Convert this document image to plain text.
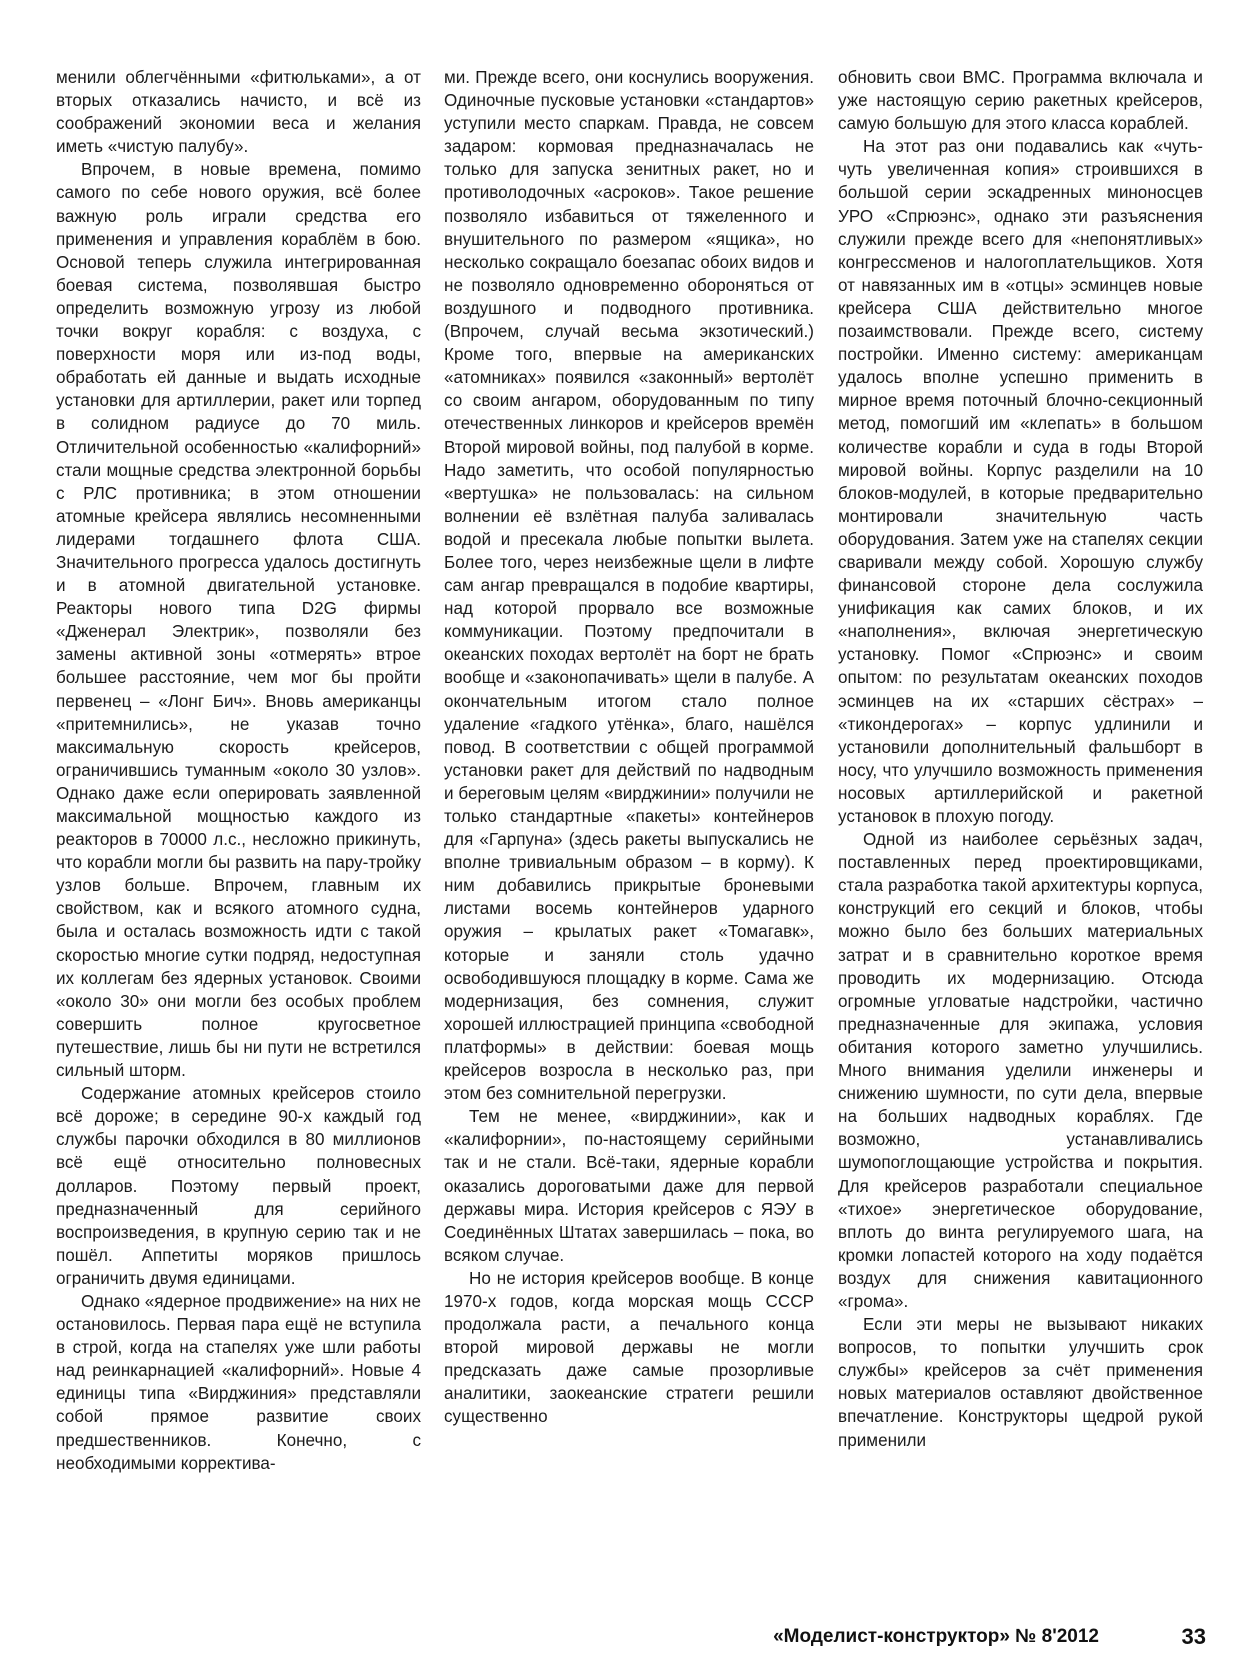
менили облегчёнными «фитюльками», а от вторых отказались начисто, и всё из соображений экономии веса и желания иметь «чистую палубу».

Впрочем, в новые времена, помимо самого по себе нового оружия, всё более важную роль играли средства его применения и управления кораблём в бою. Основой теперь служила интегрированная боевая система, позволявшая быстро определить возможную угрозу из любой точки вокруг корабля: с воздуха, с поверхности моря или из-под воды, обработать ей данные и выдать исходные установки для артиллерии, ракет или торпед в солидном радиусе до 70 миль. Отличительной особенностью «калифорний» стали мощные средства электронной борьбы с РЛС противника; в этом отношении атомные крейсера являлись несомненными лидерами тогдашнего флота США. Значительного прогресса удалось достигнуть и в атомной двигательной установке. Реакторы нового типа D2G фирмы «Дженерал Электрик», позволяли без замены активной зоны «отмерять» втрое большее расстояние, чем мог бы пройти первенец – «Лонг Бич». Вновь американцы «притемнились», не указав точно максимальную скорость крейсеров, ограничившись туманным «около 30 узлов». Однако даже если оперировать заявленной максимальной мощностью каждого из реакторов в 70000 л.с., несложно прикинуть, что корабли могли бы развить на пару-тройку узлов больше. Впрочем, главным их свойством, как и всякого атомного судна, была и осталась возможность идти с такой скоростью многие сутки подряд, недоступная их коллегам без ядерных установок. Своими «около 30» они могли без особых проблем совершить полное кругосветное путешествие, лишь бы ни пути не встретился сильный шторм.

Содержание атомных крейсеров стоило всё дороже; в середине 90-х каждый год службы парочки обходился в 80 миллионов всё ещё относительно полновесных долларов. Поэтому первый проект, предназначенный для серийного воспроизведения, в крупную серию так и не пошёл. Аппетиты моряков пришлось ограничить двумя единицами.

Однако «ядерное продвижение» на них не остановилось. Первая пара ещё не вступила в строй, когда на стапелях уже шли работы над реинкарнацией «калифорний». Новые 4 единицы типа «Вирджиния» представляли собой прямое развитие своих предшественников. Конечно, с необходимыми корректива-

ми. Прежде всего, они коснулись вооружения. Одиночные пусковые установки «стандартов» уступили место спаркам. Правда, не совсем задаром: кормовая предназначалась не только для запуска зенитных ракет, но и противолодочных «асроков». Такое решение позволяло избавиться от тяжеленного и внушительного по размером «ящика», но несколько сокращало боезапас обоих видов и не позволяло одновременно обороняться от воздушного и подводного противника. (Впрочем, случай весьма экзотический.) Кроме того, впервые на американских «атомниках» появился «законный» вертолёт со своим ангаром, оборудованным по типу отечественных линкоров и крейсеров времён Второй мировой войны, под палубой в корме. Надо заметить, что особой популярностью «вертушка» не пользовалась: на сильном волнении её взлётная палуба заливалась водой и пресекала любые попытки вылета. Более того, через неизбежные щели в лифте сам ангар превращался в подобие квартиры, над которой прорвало все возможные коммуникации. Поэтому предпочитали в океанских походах вертолёт на борт не брать вообще и «законопачивать» щели в палубе. А окончательным итогом стало полное удаление «гадкого утёнка», благо, нашёлся повод. В соответствии с общей программой установки ракет для действий по надводным и береговым целям «вирджинии» получили не только стандартные «пакеты» контейнеров для «Гарпуна» (здесь ракеты выпускались не вполне тривиальным образом – в корму). К ним добавились прикрытые броневыми листами восемь контейнеров ударного оружия – крылатых ракет «Томагавк», которые и заняли столь удачно освободившуюся площадку в корме. Сама же модернизация, без сомнения, служит хорошей иллюстрацией принципа «свободной платформы» в действии: боевая мощь крейсеров возросла в несколько раз, при этом без сомнительной перегрузки.

Тем не менее, «вирджинии», как и «калифорнии», по-настоящему серийными так и не стали. Всё-таки, ядерные корабли оказались дороговатыми даже для первой державы мира. История крейсеров с ЯЭУ в Соединённых Штатах завершилась – пока, во всяком случае.

Но не история крейсеров вообще. В конце 1970-х годов, когда морская мощь СССР продолжала расти, а печального конца второй мировой державы не могли предсказать даже самые прозорливые аналитики, заокеанские стратеги решили существенно

обновить свои ВМС. Программа включала и уже настоящую серию ракетных крейсеров, самую большую для этого класса кораблей.

На этот раз они подавались как «чуть-чуть увеличенная копия» строившихся в большой серии эскадренных миноносцев УРО «Спрюэнс», однако эти разъяснения служили прежде всего для «непонятливых» конгрессменов и налогоплательщиков. Хотя от навязанных им в «отцы» эсминцев новые крейсера США действительно многое позаимствовали. Прежде всего, систему постройки. Именно систему: американцам удалось вполне успешно применить в мирное время поточный блочно-секционный метод, помогший им «клепать» в большом количестве корабли и суда в годы Второй мировой войны. Корпус разделили на 10 блоков-модулей, в которые предварительно монтировали значительную часть оборудования. Затем уже на стапелях секции сваривали между собой. Хорошую службу финансовой стороне дела сослужила унификация как самих блоков, и их «наполнения», включая энергетическую установку. Помог «Спрюэнс» и своим опытом: по результатам океанских походов эсминцев на их «старших сёстрах» – «тикондерогах» – корпус удлинили и установили дополнительный фальшборт в носу, что улучшило возможность применения носовых артиллерийской и ракетной установок в плохую погоду.

Одной из наиболее серьёзных задач, поставленных перед проектировщиками, стала разработка такой архитектуры корпуса, конструкций его секций и блоков, чтобы можно было без больших материальных затрат и в сравнительно короткое время проводить их модернизацию. Отсюда огромные угловатые надстройки, частично предназначенные для экипажа, условия обитания которого заметно улучшились. Много внимания уделили инженеры и снижению шумности, по сути дела, впервые на больших надводных кораблях. Где возможно, устанавливались шумопоглощающие устройства и покрытия. Для крейсеров разработали специальное «тихое» энергетическое оборудование, вплоть до винта регулируемого шага, на кромки лопастей которого на ходу подаётся воздух для снижения кавитационного «грома».

Если эти меры не вызывают никаких вопросов, то попытки улучшить срок службы» крейсеров за счёт применения новых материалов оставляют двойственное впечатление. Конструкторы щедрой рукой применили

«Моделист-конструктор» № 8'2012	33
